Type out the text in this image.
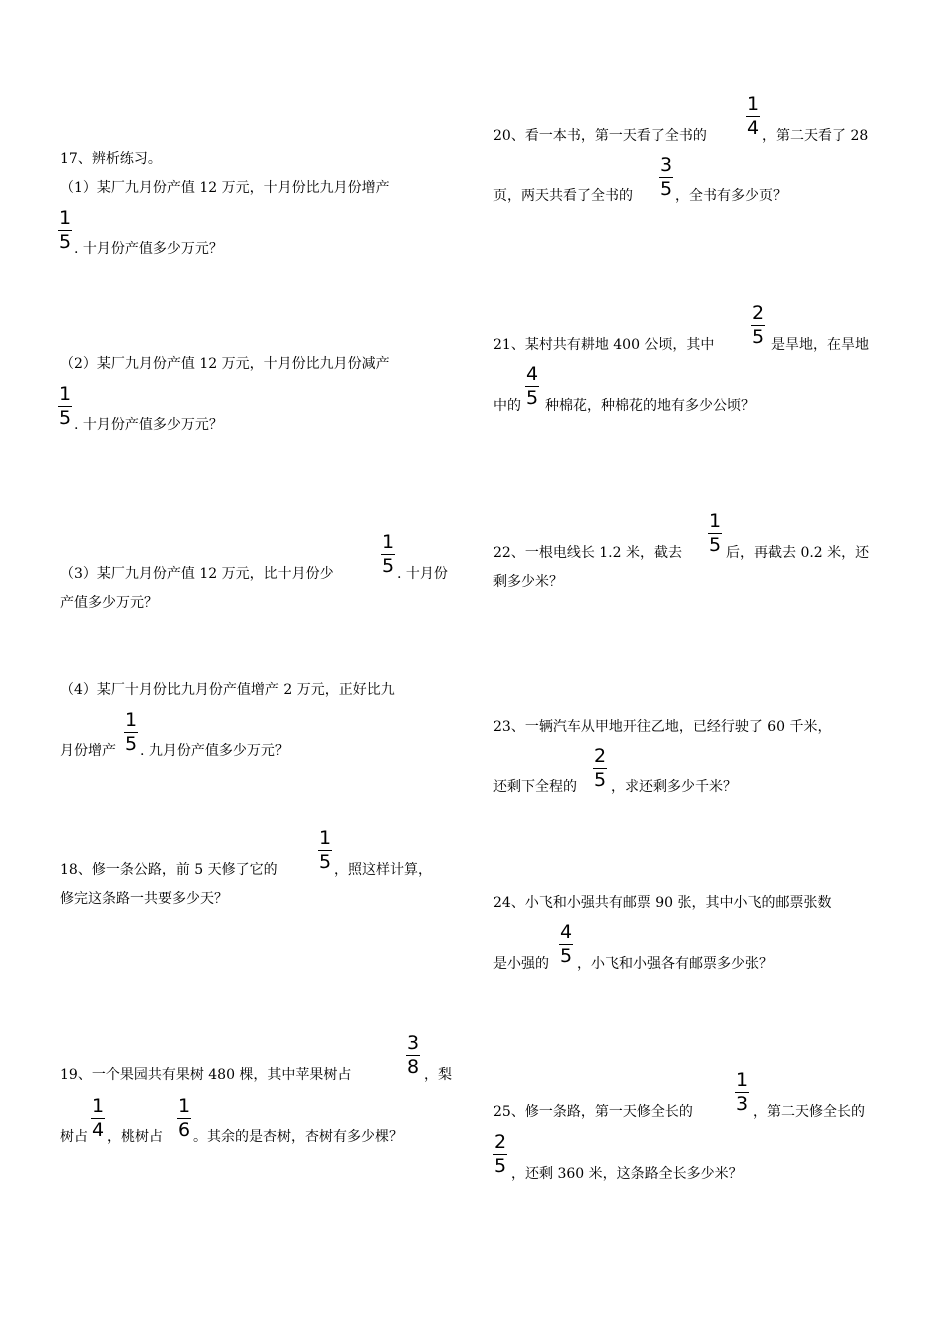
17、辨析练习。
（1）某厂九月份产值 12 万元，十月份比九月份增产
1
5 . 十月份产值多少万元？
（2）某厂九月份产值 12 万元，十月份比九月份减产
1
5 . 十月份产值多少万元？
1
5
（3）某厂九月份产值 12 万元，比十月份少	. 十月份
产值多少万元？
（4）某厂十月份比九月份产值增产 2 万元，正好比九
1
5
月份增产 . 九月份产值多少万元？
1
5
18、修一条公路，前 5 天修了它的	，照这样计算，
修完这条路一共要多少天？
3
8
19、一个果园共有果树 480 棵，其中苹果树占	，梨
1
4
1
6
树占 ，桃树占 。其余的是杏树，杏树有多少棵？
1
4
20、看一本书，第一天看了全书的	，第二天看了 28
3
5
页，两天共看了全书的	，全书有多少页？
2
5
21、某村共有耕地 400 公顷，其中	是旱地，在旱地
4
5
中的 种棉花，种棉花的地有多少公顷？
1
5
22、一根电线长 1.2 米，截去	后，再截去 0.2 米，还
剩多少米？
23、一辆汽车从甲地开往乙地，已经行驶了 60 千米，
2
5
还剩下全程的 ，求还剩多少千米？
24、小飞和小强共有邮票 90 张，其中小飞的邮票张数
4
5
是小强的 ，小飞和小强各有邮票多少张？
1
3
25、修一条路，第一天修全长的	，第二天修全长的
2
5 ，还剩 360 米，这条路全长多少米？
